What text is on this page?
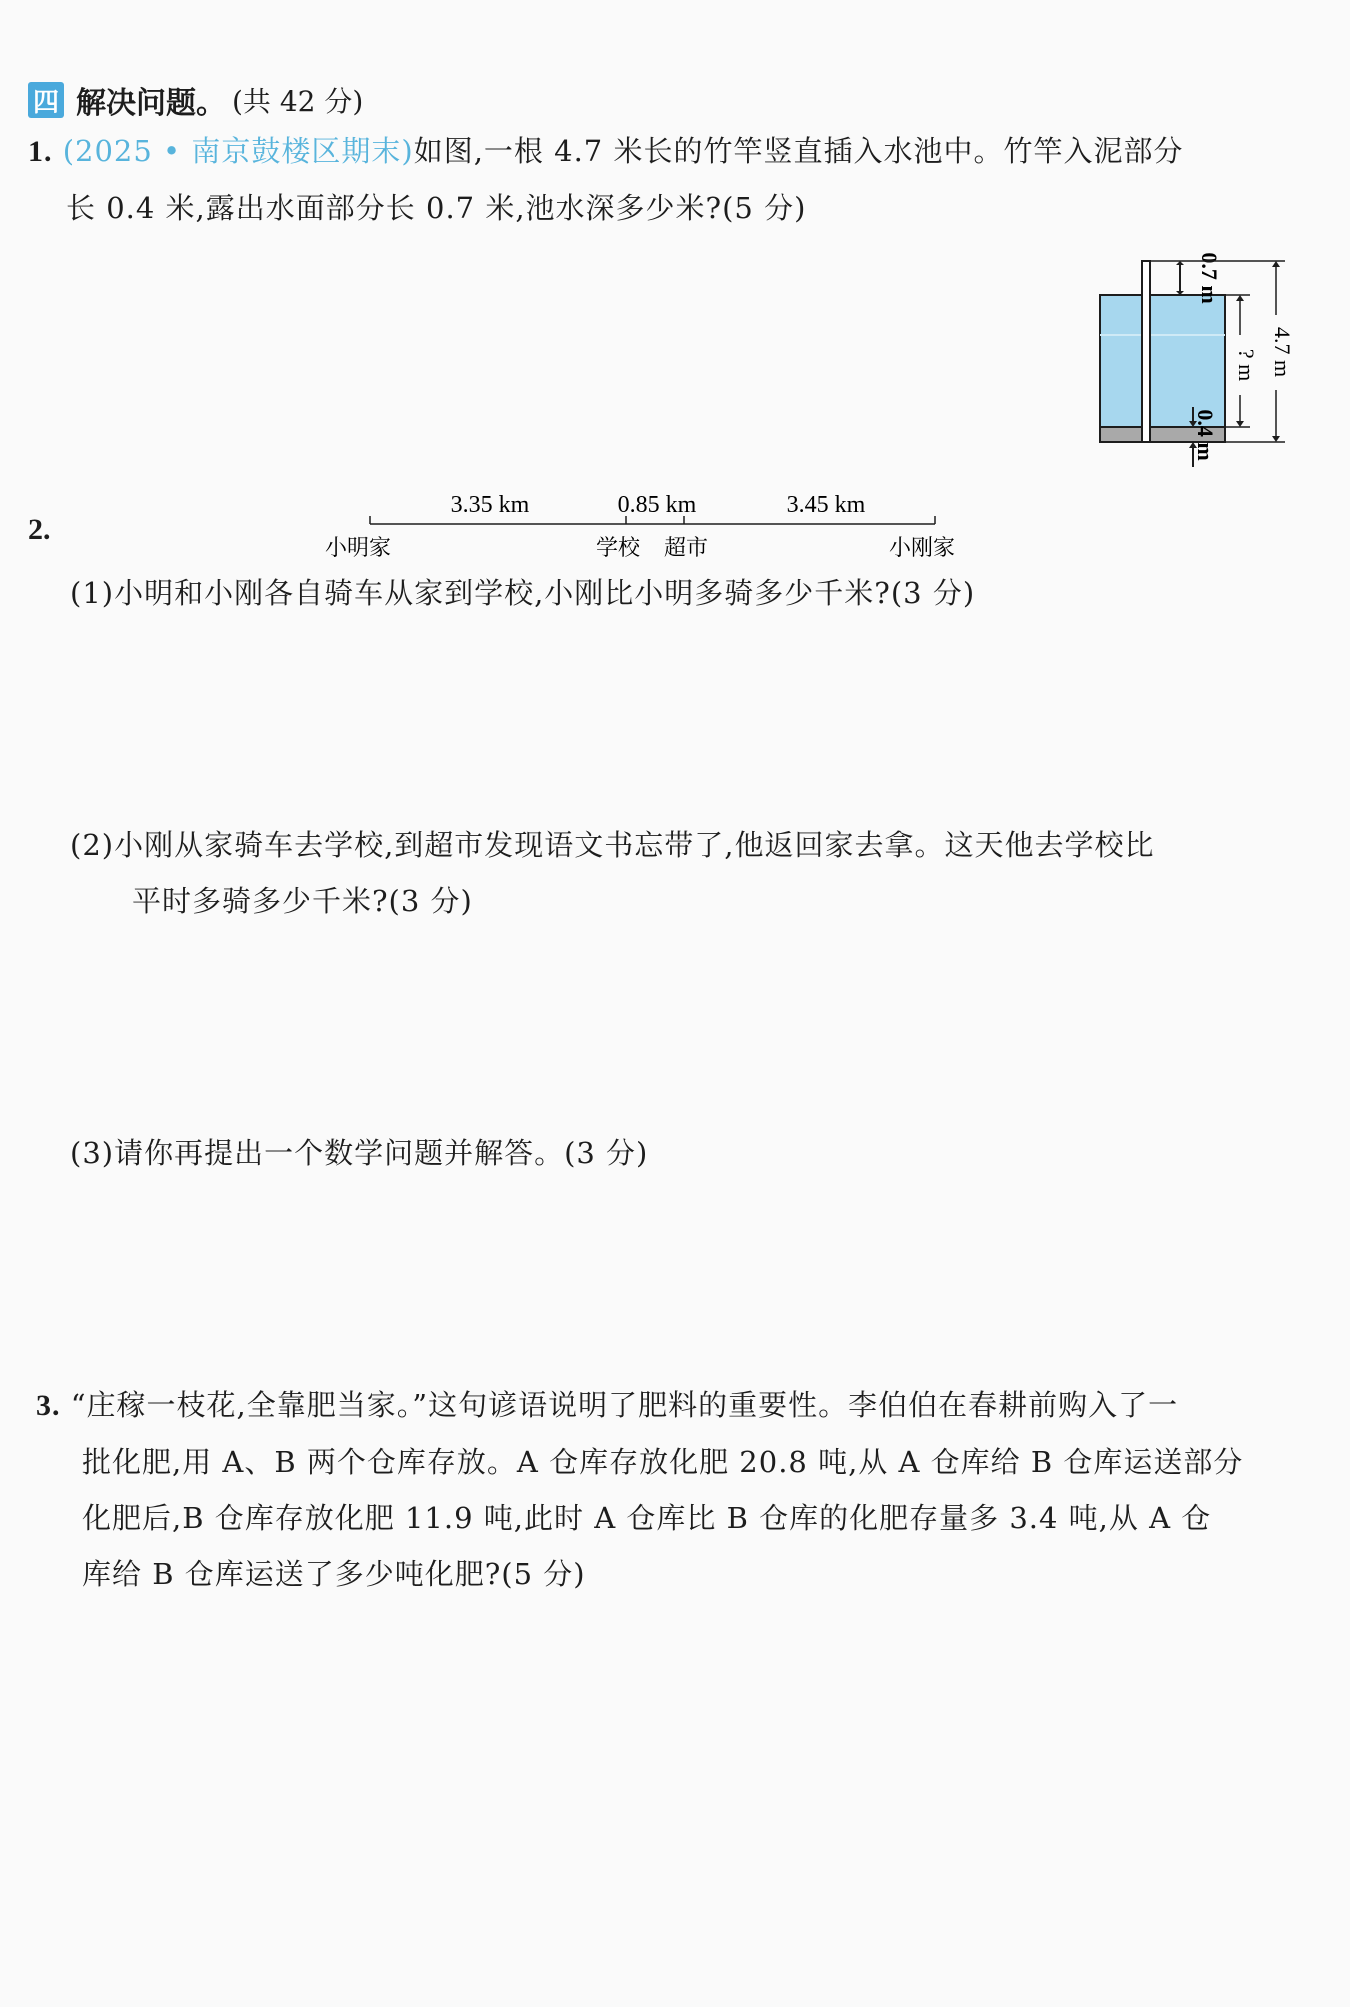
四 解决问题。 (共 42 分)
1. (2025 • 南京鼓楼区期末)如图,一根 4.7 米长的竹竿竖直插入水池中。竹竿入泥部分
长 0.4 米,露出水面部分长 0.7 米,池水深多少米?(5 分)
0.7 m
? m 4.7 m
0.4 m
2.
3.35 km	0.85 km	3.45 km
小明家	学校 超市	小刚家
(1)小明和小刚各自骑车从家到学校,小刚比小明多骑多少千米?(3 分)
(2)小刚从家骑车去学校,到超市发现语文书忘带了,他返回家去拿。这天他去学校比
平时多骑多少千米?(3 分)
(3)请你再提出一个数学问题并解答。(3 分)
3. “庄稼一枝花,全靠肥当家。”这句谚语说明了肥料的重要性。李伯伯在春耕前购入了一
批化肥,用 A、B 两个仓库存放。A 仓库存放化肥 20.8 吨,从 A 仓库给 B 仓库运送部分
化肥后,B 仓库存放化肥 11.9 吨,此时 A 仓库比 B 仓库的化肥存量多 3.4 吨,从 A 仓
库给 B 仓库运送了多少吨化肥?(5 分)
